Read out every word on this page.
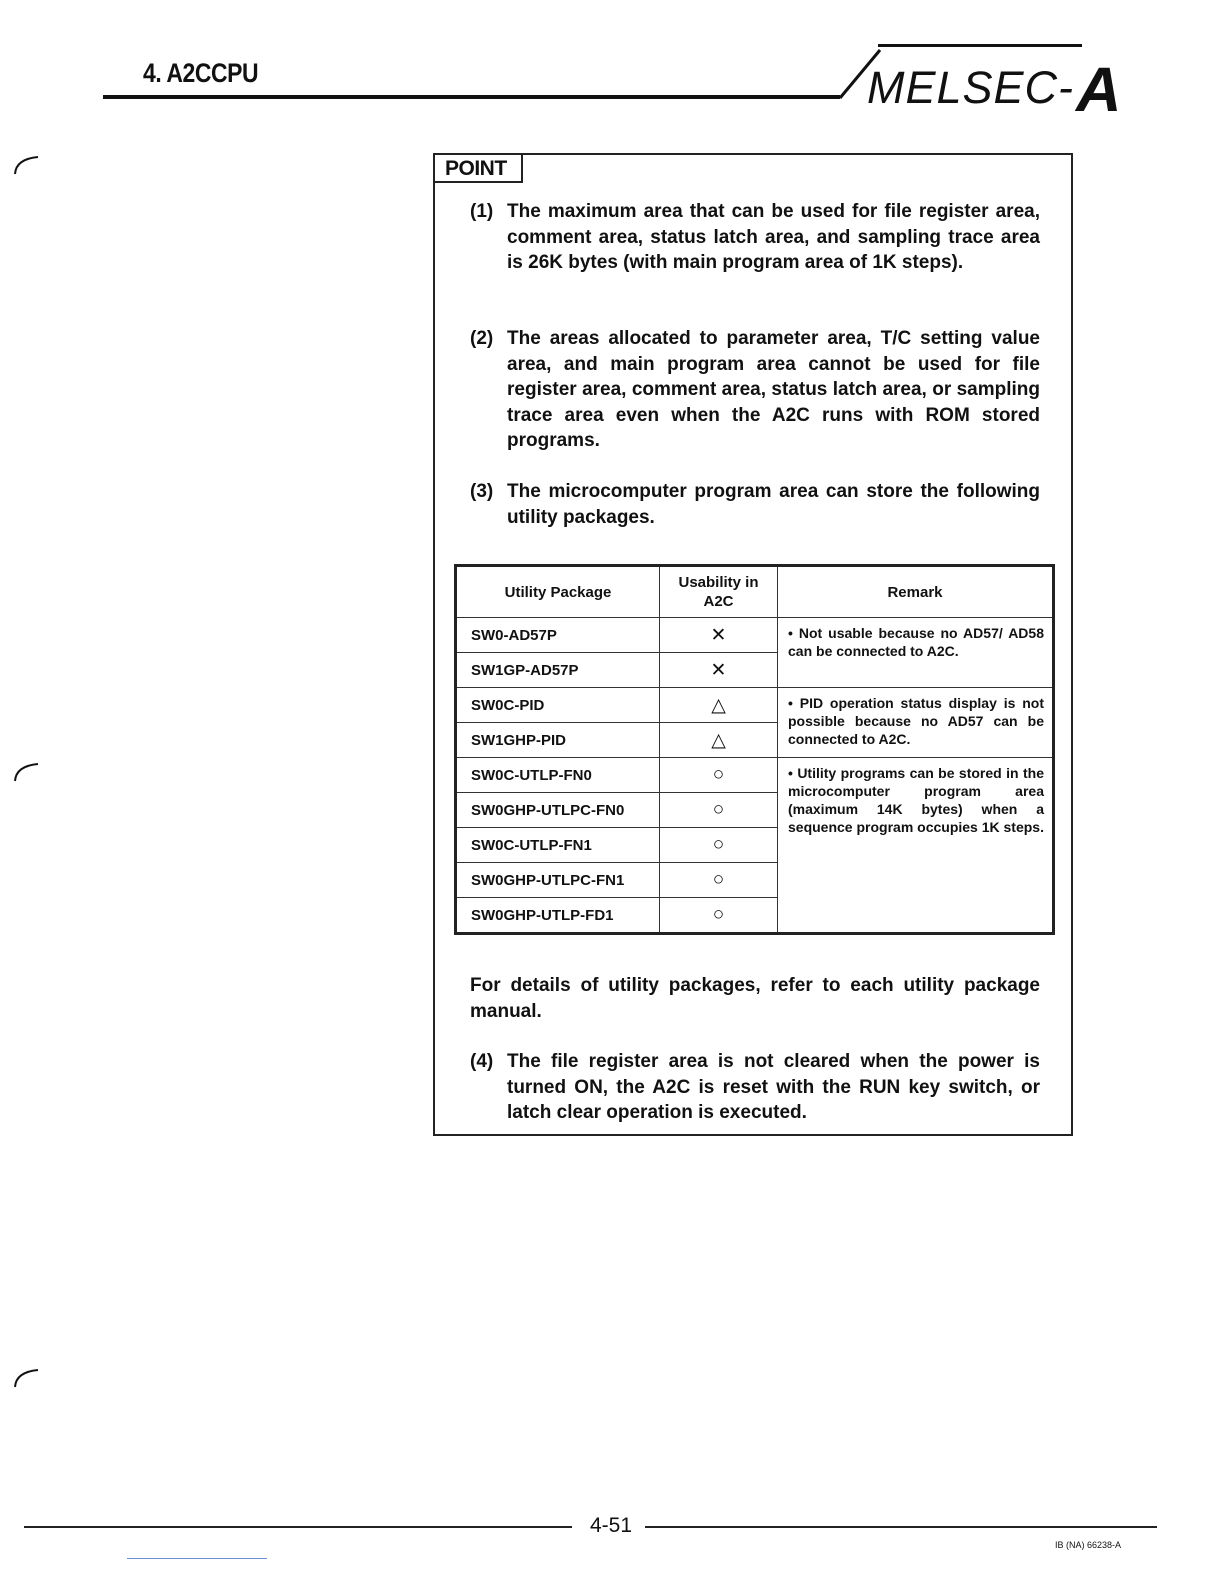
4. A2CCPU	MELSEC-A
POINT
(1) The maximum area that can be used for file register area, comment area, status latch area, and sampling trace area is 26K bytes (with main program area of 1K steps).
(2) The areas allocated to parameter area, T/C setting value area, and main program area cannot be used for file register area, comment area, status latch area, or sampling trace area even when the A2C runs with ROM stored programs.
(3) The microcomputer program area can store the following utility packages.
Utility Package	Usability in A2C	Remark
SW0-AD57P	✕	• Not usable because no AD57/ AD58 can be connected to A2C.
SW1GP-AD57P	✕	
SW0C-PID	△	• PID operation status display is not possible because no AD57 can be connected to A2C.
SW1GHP-PID	△	
SW0C-UTLP-FN0	○	• Utility programs can be stored in the microcomputer program area (maximum 14K bytes) when a sequence program occupies 1K steps.
SW0GHP-UTLPC-FN0	○	
SW0C-UTLP-FN1	○	
SW0GHP-UTLPC-FN1	○	
SW0GHP-UTLP-FD1	○	
For details of utility packages, refer to each utility package manual.
(4) The file register area is not cleared when the power is turned ON, the A2C is reset with the RUN key switch, or latch clear operation is executed.
4-51
IB (NA) 66238-A
